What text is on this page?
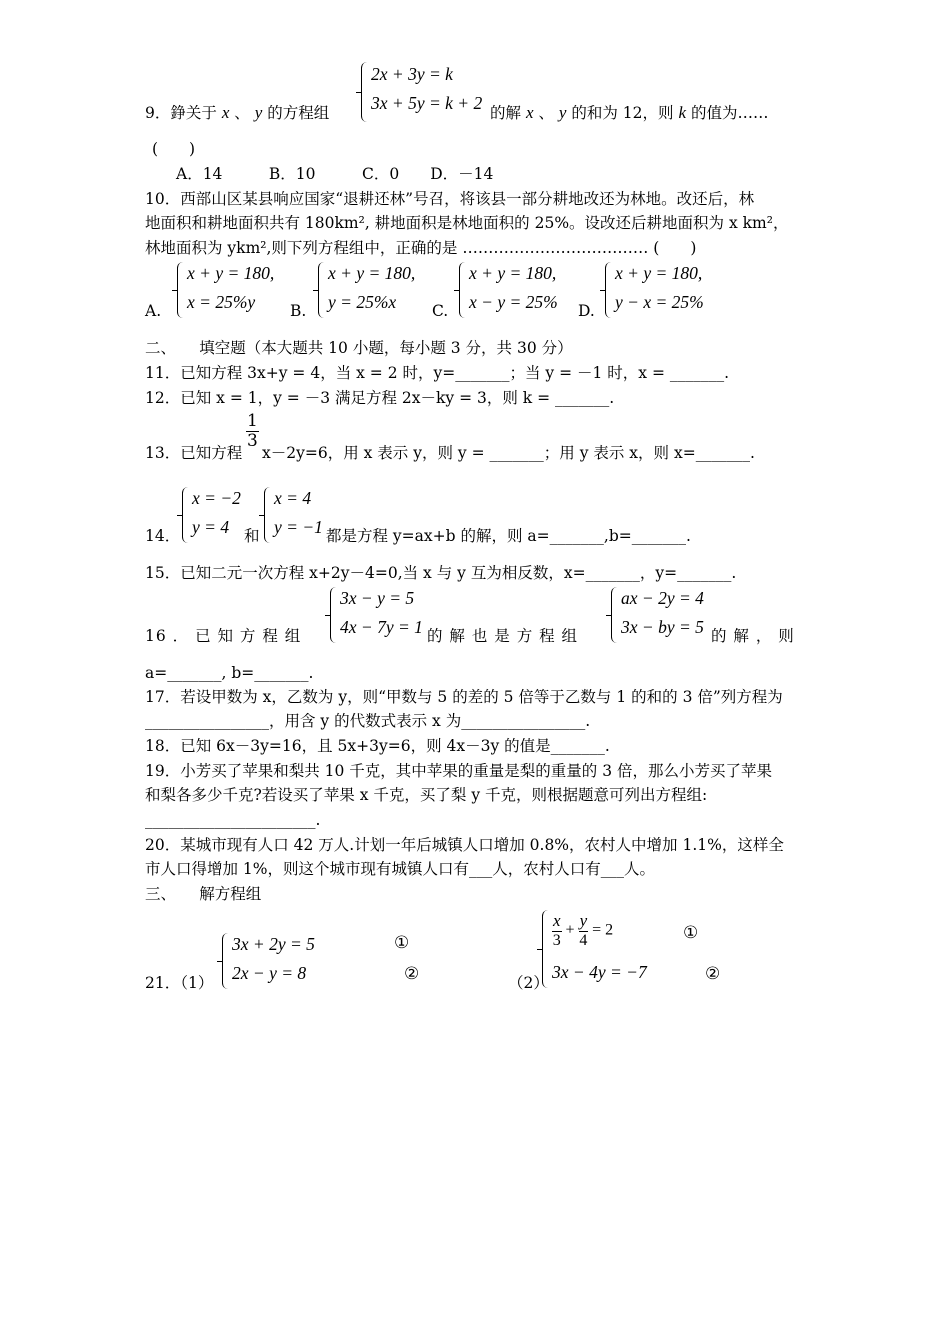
9．錚关于 x 、 y 的方程组
2x + 3y = k
3x + 5y = k + 2 的解 x 、 y 的和为 12，则 k 的值为……
(　　)
A．14　　　B．10　　　C．0　　D．－14
10．西部山区某县响应国家“退耕还林”号召，将该县一部分耕地改还为林地。改还后，林
地面积和耕地面积共有 180km², 耕地面积是林地面积的 25%。设改还后耕地面积为 x km²，
林地面积为 ykm²,则下列方程组中，正确的是 ……………………………… (　　)
A.
x + y = 180,
x = 25%y B.
x + y = 180,
y = 25%x C.
x + y = 180,
x − y = 25% D.
x + y = 180,
y − x = 25%
二、　　填空题（本大题共 10 小题，每小题 3 分，共 30 分）
11．已知方程 3x+y = 4，当 x = 2 时，y=_______；当 y = －1 时，x = _______.
12．已知 x = 1，y = －3 满足方程 2x－ky = 3，则 k = _______.
13．已知方程
$\frac{1}{3}$
x－2y=6，用 x 表示 y，则 y = _______；用 y 表示 x，则 x=_______.
14．
x = −2
y = 4 和
x = 4
y = −1 都是方程 y=ax+b 的解，则 a=_______,b=_______.
15．已知二元一次方程 x+2y－4=0,当 x 与 y 互为相反数，x=_______，y=_______.
16 ． 已 知 方 程 组
3x − y = 5
4x − 7y = 1 的 解 也 是 方 程 组
ax − 2y = 4
3x − by = 5 的 解 ， 则
a=_______, b=_______.
17．若设甲数为 x，乙数为 y，则“甲数与 5 的差的 5 倍等于乙数与 1 的和的 3 倍”列方程为
________________，用含 y 的代数式表示 x 为________________.
18．已知 6x－3y=16，且 5x+3y=6，则 4x－3y 的值是_______.
19．小芳买了苹果和梨共 10 千克，其中苹果的重量是梨的重量的 3 倍，那么小芳买了苹果
和梨各多少千克?若设买了苹果 x 千克，买了梨 y 千克，则根据题意可列出方程组:
______________________.
20．某城市现有人口 42 万人.计划一年后城镇人口增加 0.8%，农村人中增加 1.1%，这样全
市人口得增加 1%，则这个城市现有城镇人口有___人，农村人口有___人。
三、　　解方程组
21．（1）
3x + 2y = 5
2x − y = 8
①
②	（2）
$\frac{x}{3} + \frac{y}{4} = 2$
3x − 4y = −7
①
②
